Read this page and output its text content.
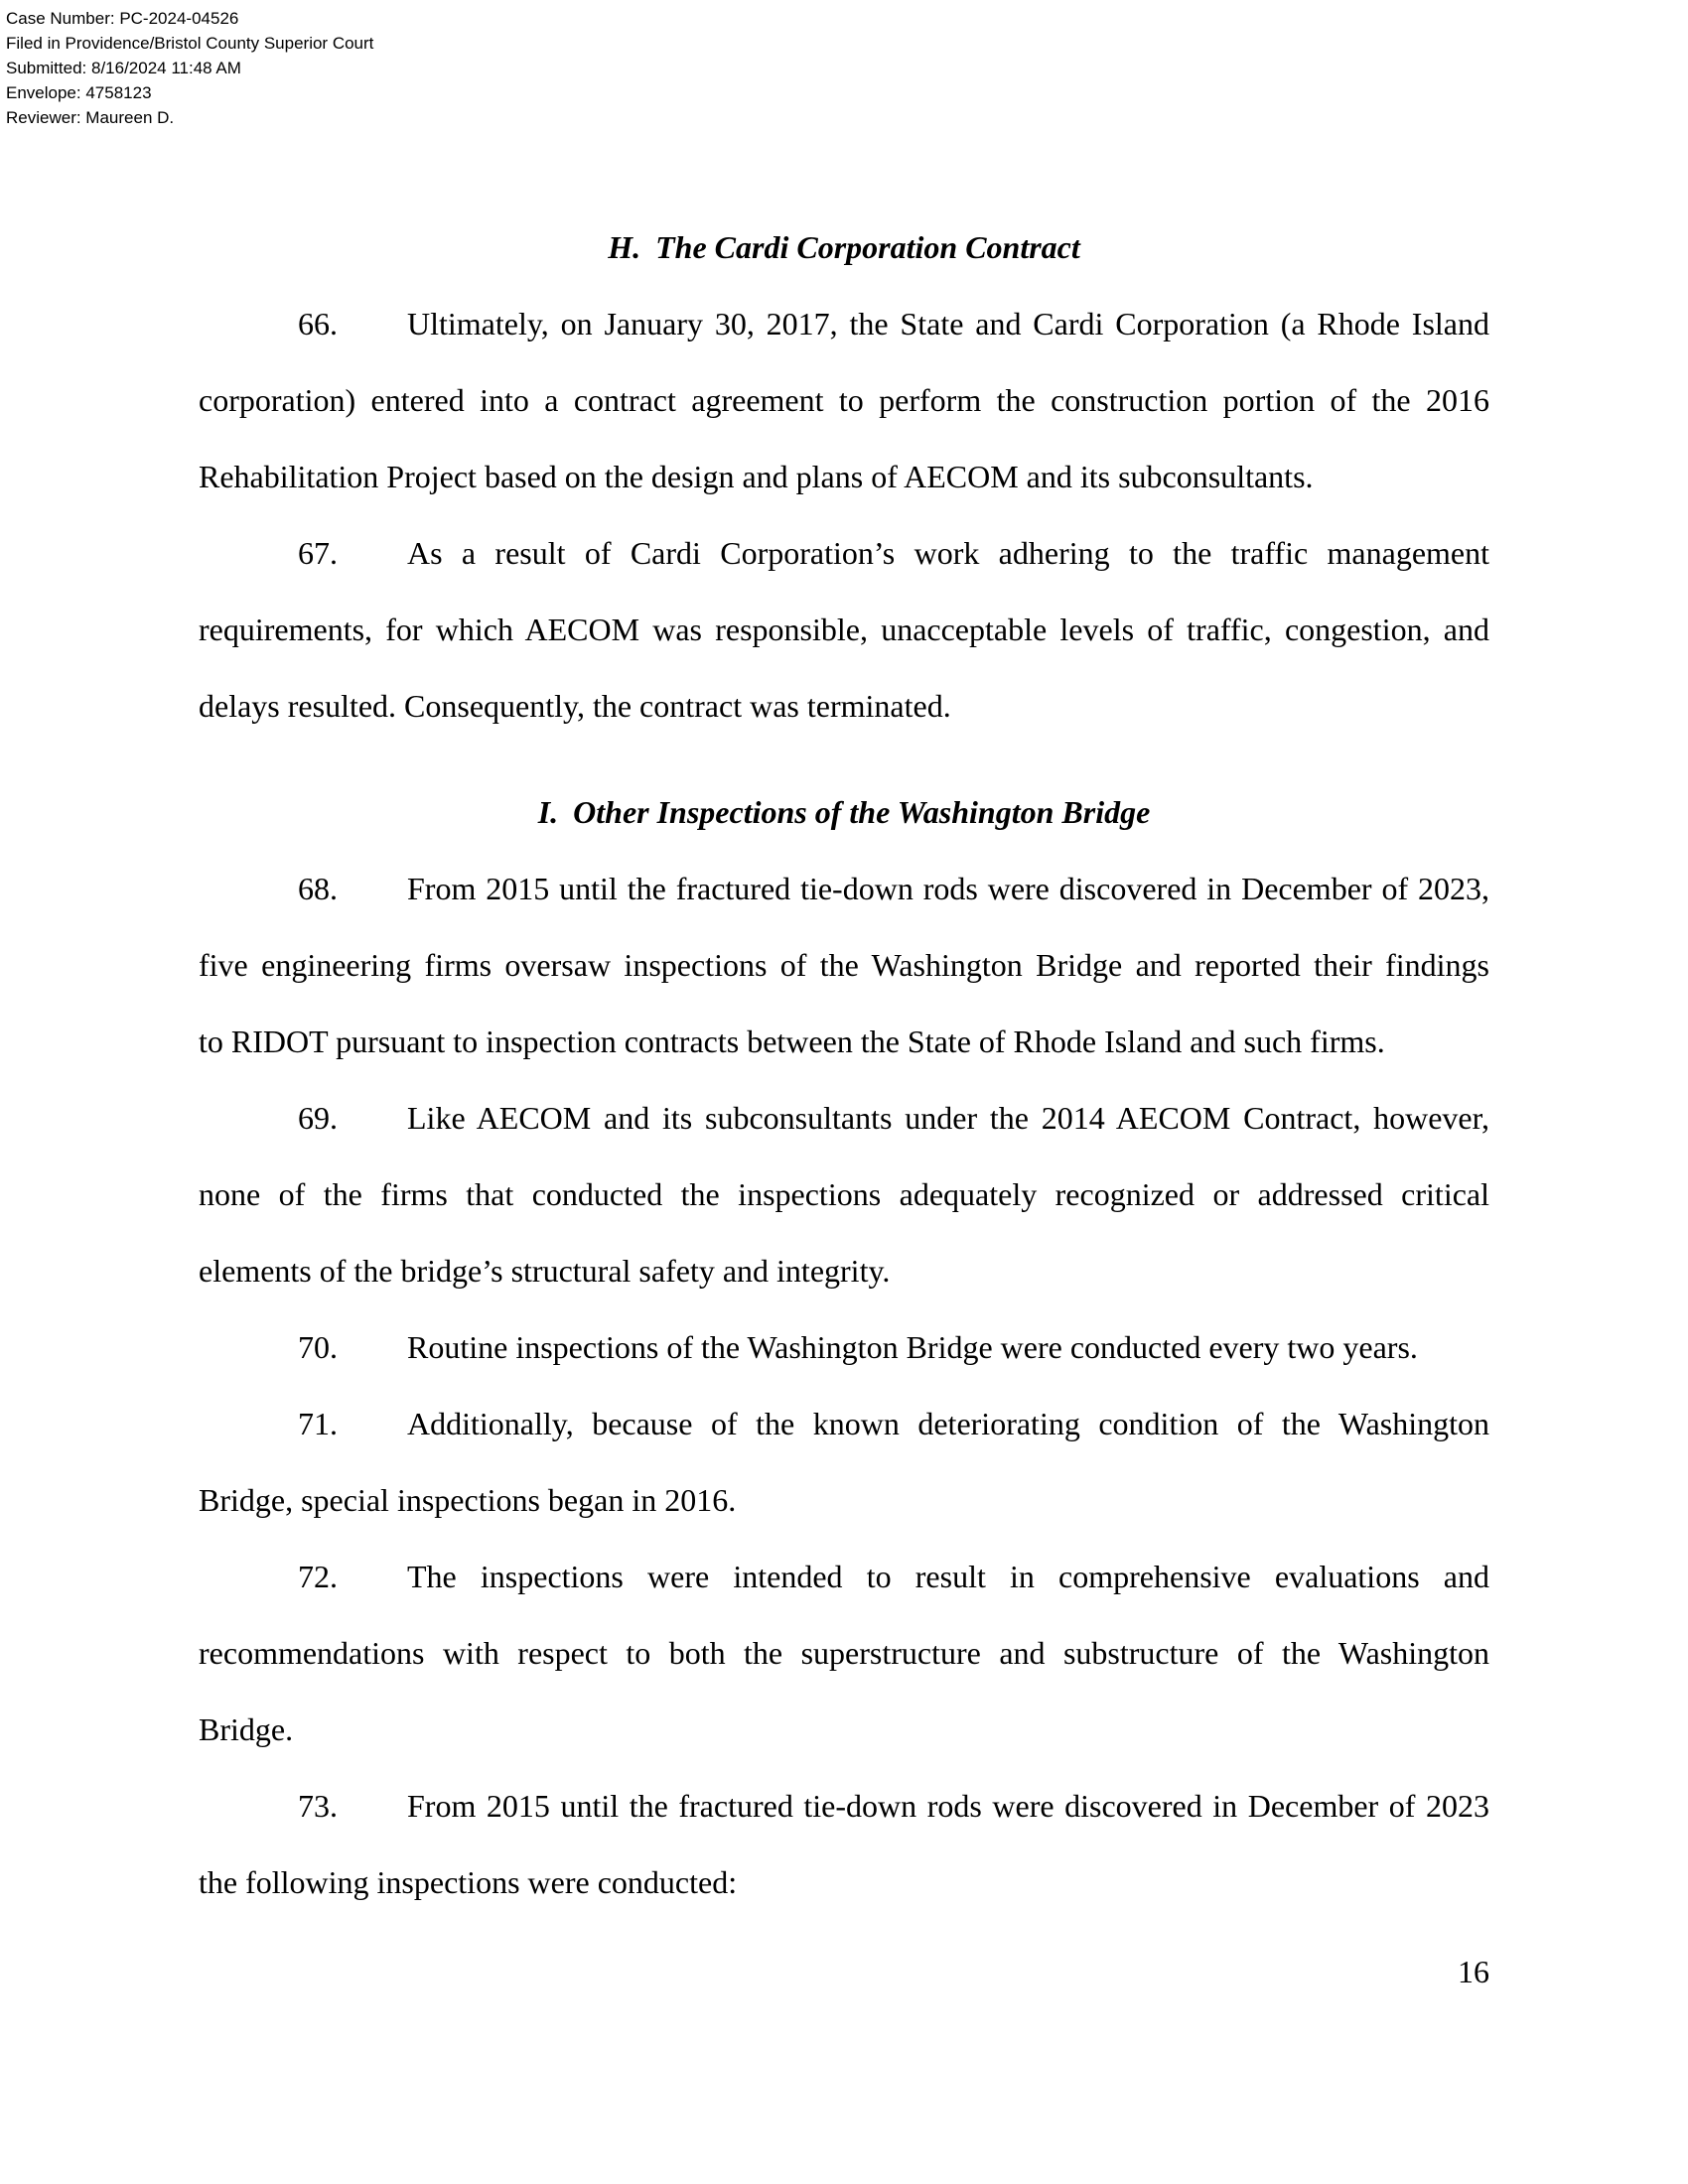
Case Number: PC-2024-04526
Filed in Providence/Bristol County Superior Court
Submitted: 8/16/2024 11:48 AM
Envelope: 4758123
Reviewer: Maureen D.
H. The Cardi Corporation Contract
66. Ultimately, on January 30, 2017, the State and Cardi Corporation (a Rhode Island
corporation) entered into a contract agreement to perform the construction portion of the 2016
Rehabilitation Project based on the design and plans of AECOM and its subconsultants.
67. As a result of Cardi Corporation’s work adhering to the traffic management
requirements, for which AECOM was responsible, unacceptable levels of traffic, congestion, and
delays resulted. Consequently, the contract was terminated.
I. Other Inspections of the Washington Bridge
68. From 2015 until the fractured tie-down rods were discovered in December of 2023,
five engineering firms oversaw inspections of the Washington Bridge and reported their findings
to RIDOT pursuant to inspection contracts between the State of Rhode Island and such firms.
69. Like AECOM and its subconsultants under the 2014 AECOM Contract, however,
none of the firms that conducted the inspections adequately recognized or addressed critical
elements of the bridge’s structural safety and integrity.
70. Routine inspections of the Washington Bridge were conducted every two years.
71. Additionally, because of the known deteriorating condition of the Washington
Bridge, special inspections began in 2016.
72. The inspections were intended to result in comprehensive evaluations and
recommendations with respect to both the superstructure and substructure of the Washington
Bridge.
73. From 2015 until the fractured tie-down rods were discovered in December of 2023
the following inspections were conducted:
16
